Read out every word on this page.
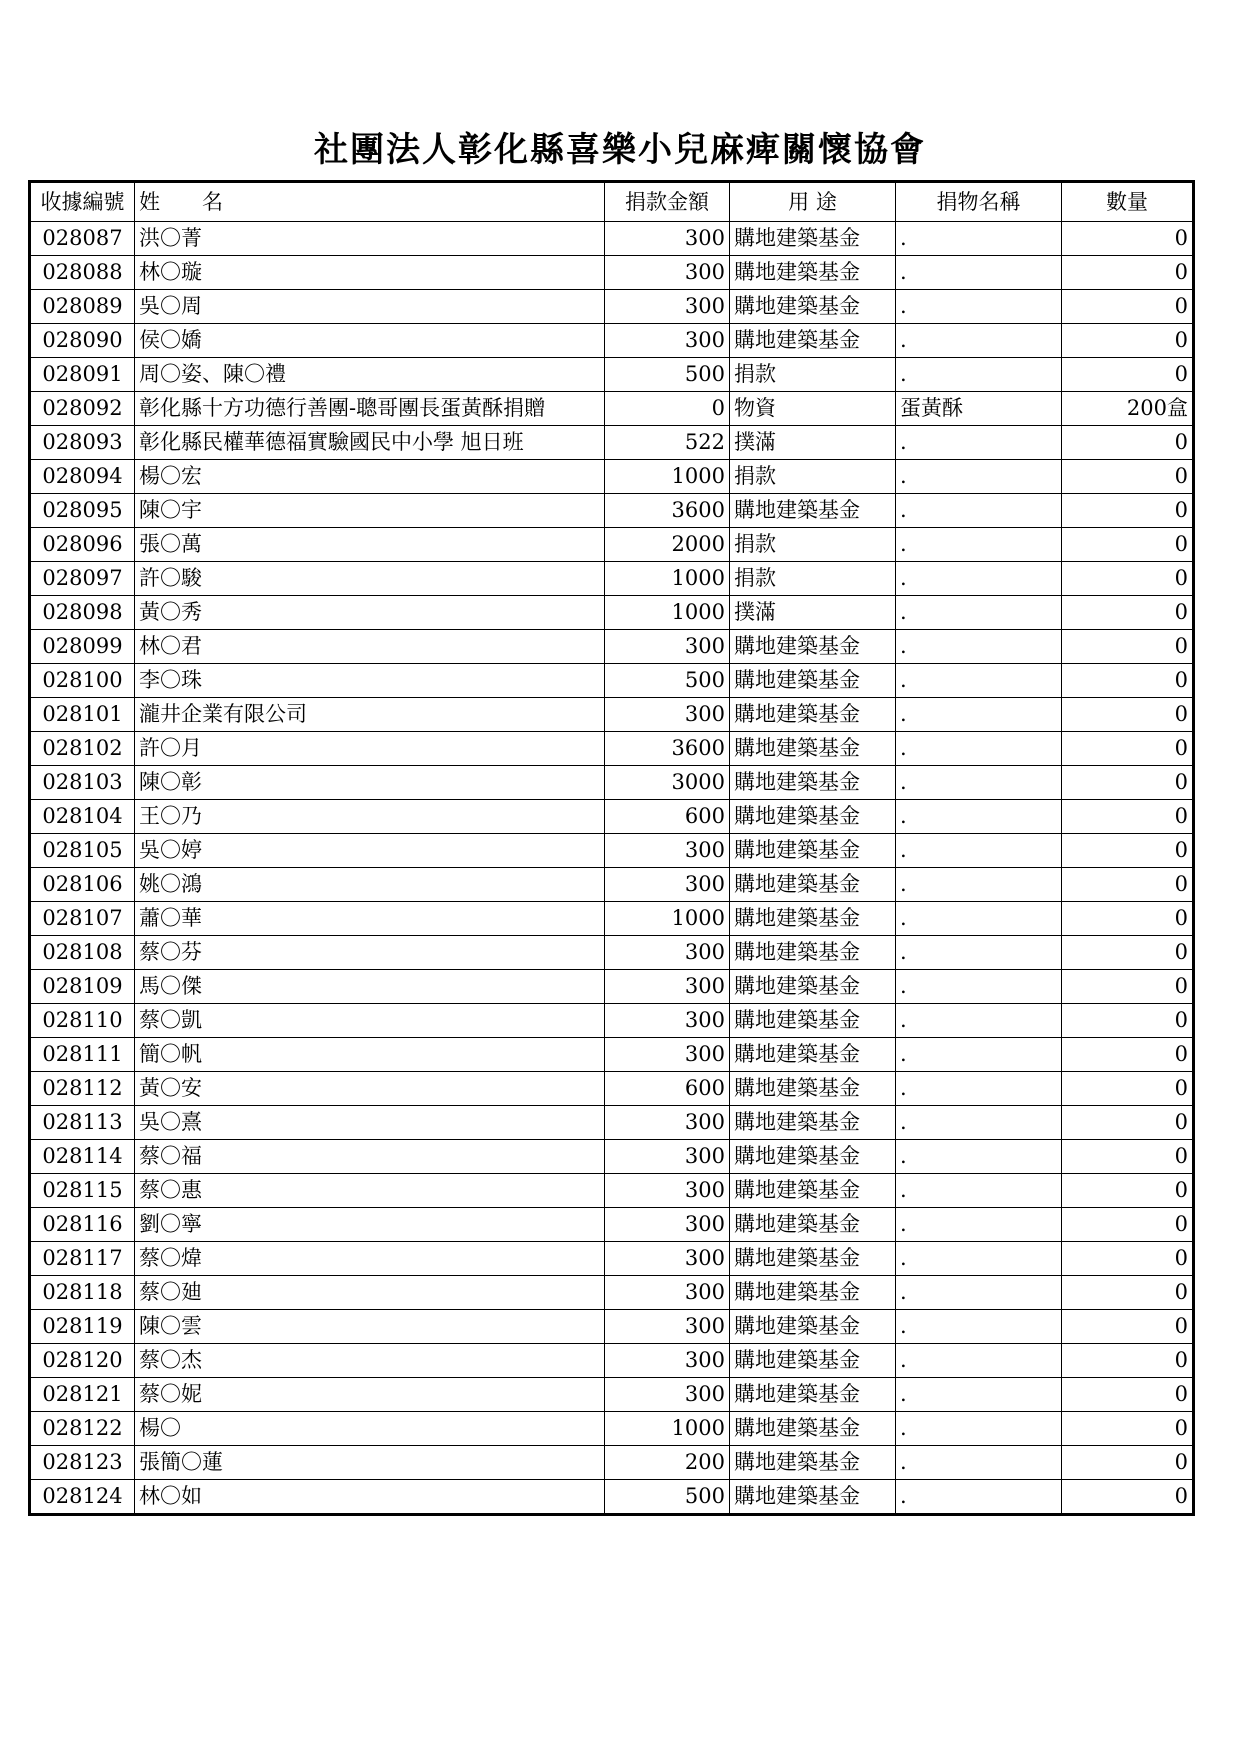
社團法人彰化縣喜樂小兒麻痺關懷協會
收據編號	姓　　名	捐款金額	用 途	捐物名稱	數量
028087	洪〇菁	300	購地建築基金	.	0
028088	林〇璇	300	購地建築基金	.	0
028089	吳〇周	300	購地建築基金	.	0
028090	侯〇嬌	300	購地建築基金	.	0
028091	周〇姿、陳〇禮	500	捐款	.	0
028092	彰化縣十方功德行善團-聰哥團長蛋黃酥捐贈	0	物資	蛋黃酥	200盒
028093	彰化縣民權華德福實驗國民中小學 旭日班	522	撲滿	.	0
028094	楊〇宏	1000	捐款	.	0
028095	陳〇宇	3600	購地建築基金	.	0
028096	張〇萬	2000	捐款	.	0
028097	許〇駿	1000	捐款	.	0
028098	黃〇秀	1000	撲滿	.	0
028099	林〇君	300	購地建築基金	.	0
028100	李〇珠	500	購地建築基金	.	0
028101	瀧井企業有限公司	300	購地建築基金	.	0
028102	許〇月	3600	購地建築基金	.	0
028103	陳〇彰	3000	購地建築基金	.	0
028104	王〇乃	600	購地建築基金	.	0
028105	吳〇婷	300	購地建築基金	.	0
028106	姚〇鴻	300	購地建築基金	.	0
028107	蕭〇華	1000	購地建築基金	.	0
028108	蔡〇芬	300	購地建築基金	.	0
028109	馬〇傑	300	購地建築基金	.	0
028110	蔡〇凱	300	購地建築基金	.	0
028111	簡〇帆	300	購地建築基金	.	0
028112	黃〇安	600	購地建築基金	.	0
028113	吳〇熹	300	購地建築基金	.	0
028114	蔡〇福	300	購地建築基金	.	0
028115	蔡〇惠	300	購地建築基金	.	0
028116	劉〇寧	300	購地建築基金	.	0
028117	蔡〇煒	300	購地建築基金	.	0
028118	蔡〇廸	300	購地建築基金	.	0
028119	陳〇雲	300	購地建築基金	.	0
028120	蔡〇杰	300	購地建築基金	.	0
028121	蔡〇妮	300	購地建築基金	.	0
028122	楊〇	1000	購地建築基金	.	0
028123	張簡〇蓮	200	購地建築基金	.	0
028124	林〇如	500	購地建築基金	.	0
